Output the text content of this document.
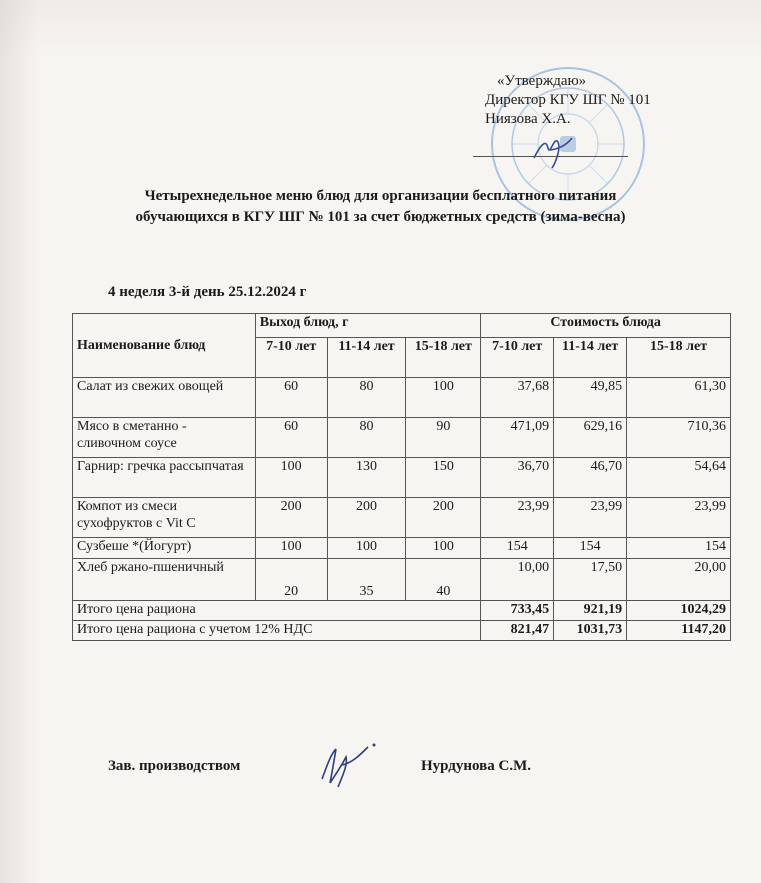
«Утверждаю»
Директор КГУ ШГ № 101
Ниязова Х.А.
Четырехнедельное меню блюд для организации бесплатного питания
обучающихся в КГУ ШГ № 101 за счет бюджетных средств (зима-весна)
4 неделя 3-й день 25.12.2024 г
Наименование блюд	Выход блюд, г			Стоимость блюда		
	7-10 лет	11-14 лет	15-18 лет	7-10 лет	11-14 лет	15-18 лет
Салат из свежих овощей	60	80	100	37,68	49,85	61,30
Мясо в сметанно - сливочном соусе	60	80	90	471,09	629,16	710,36
Гарнир: гречка рассыпчатая	100	130	150	36,70	46,70	54,64
Компот из смеси сухофруктов с Vit C	200	200	200	23,99	23,99	23,99
Сузбеше *(Йогурт)	100	100	100	154	154	154
Хлеб ржано-пшеничный	20	35	40	10,00	17,50	20,00
Итого цена рациона				733,45	921,19	1024,29
Итого цена рациона с учетом 12% НДС				821,47	1031,73	1147,20
Зав. производством	Нурдунова С.М.
